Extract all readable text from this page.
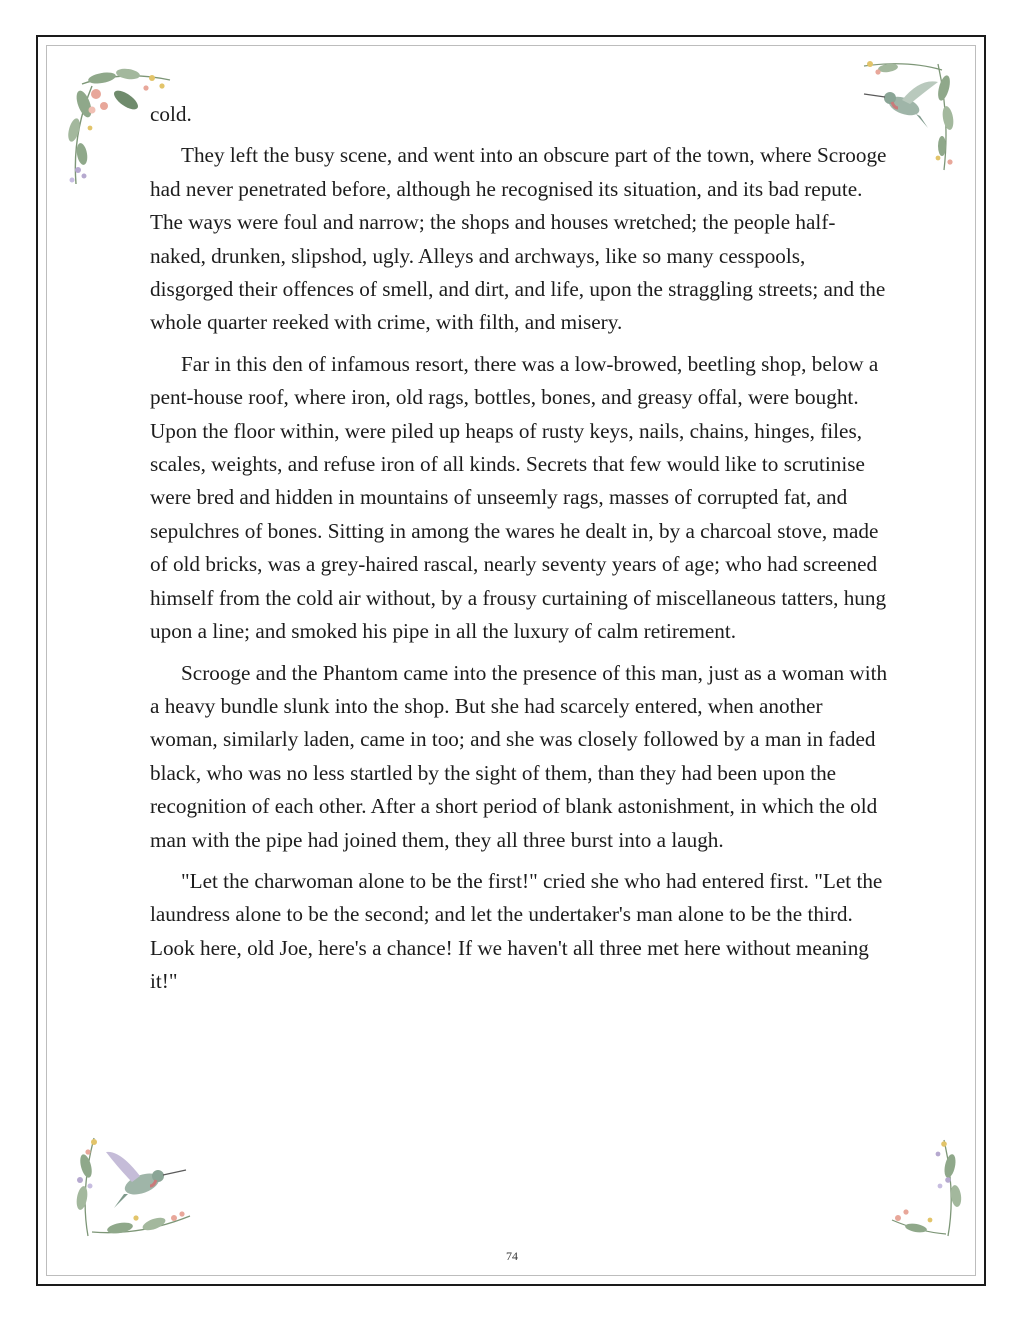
cold.

They left the busy scene, and went into an obscure part of the town, where Scrooge had never penetrated before, although he recognised its situation, and its bad repute. The ways were foul and narrow; the shops and houses wretched; the people half-naked, drunken, slipshod, ugly. Alleys and archways, like so many cesspools, disgorged their offences of smell, and dirt, and life, upon the straggling streets; and the whole quarter reeked with crime, with filth, and misery.

Far in this den of infamous resort, there was a low-browed, beetling shop, below a pent-house roof, where iron, old rags, bottles, bones, and greasy offal, were bought. Upon the floor within, were piled up heaps of rusty keys, nails, chains, hinges, files, scales, weights, and refuse iron of all kinds. Secrets that few would like to scrutinise were bred and hidden in mountains of unseemly rags, masses of corrupted fat, and sepulchres of bones. Sitting in among the wares he dealt in, by a charcoal stove, made of old bricks, was a grey-haired rascal, nearly seventy years of age; who had screened himself from the cold air without, by a frousy curtaining of miscellaneous tatters, hung upon a line; and smoked his pipe in all the luxury of calm retirement.

Scrooge and the Phantom came into the presence of this man, just as a woman with a heavy bundle slunk into the shop. But she had scarcely entered, when another woman, similarly laden, came in too; and she was closely followed by a man in faded black, who was no less startled by the sight of them, than they had been upon the recognition of each other. After a short period of blank astonishment, in which the old man with the pipe had joined them, they all three burst into a laugh.

"Let the charwoman alone to be the first!" cried she who had entered first. "Let the laundress alone to be the second; and let the undertaker's man alone to be the third. Look here, old Joe, here's a chance! If we haven't all three met here without meaning it!"

74
